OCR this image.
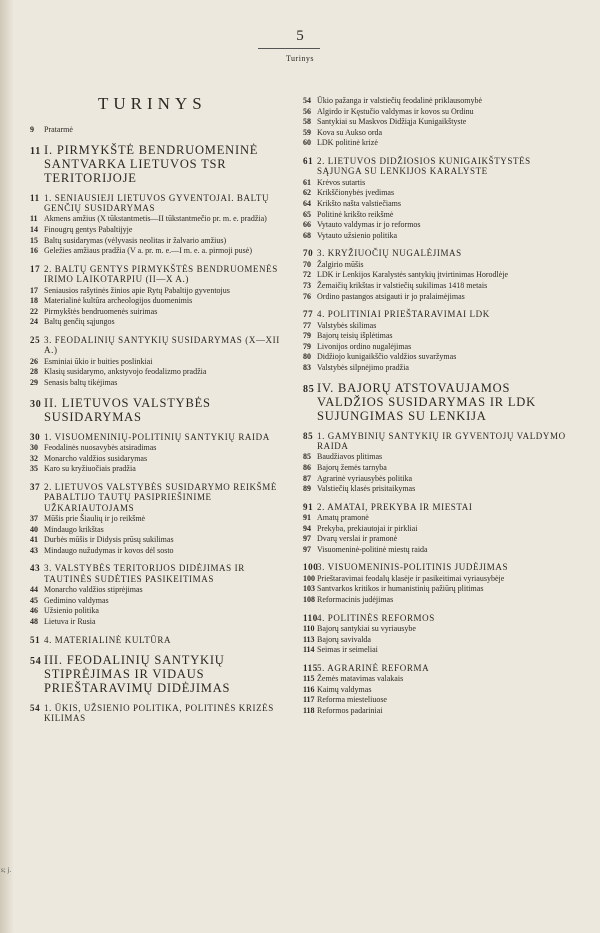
5
Turinys
TURINYS
9 Pratarmė
11 I. PIRMYKŠTĖ BENDRUOMENINĖ SANTVARKA LIETUVOS TSR TERITORIJOJE
11 1. SENIAUSIEJI LIETUVOS GYVENTOJAI. BALTŲ GENČIŲ SUSIDARYMAS
11 Akmens amžius (X tūkstantmetis—II tūkstantmečio pr. m. e. pradžia)
14 Finougrų gentys Pabaltijyje
15 Baltų susidarymas (vėlyvasis neolitas ir žalvario amžius)
16 Geležies amžiaus pradžia (V a. pr. m. e.—I m. e. a. pirmoji pusė)
17 2. BALTŲ GENTYS PIRMYKŠTĖS BENDRUOMENĖS IRIMO LAIKOTARPIU (II—X A.)
17 Seniausios rašytinės žinios apie Rytų Pabaltijo gyventojus
18 Materialinė kultūra archeologijos duomenimis
22 Pirmykštės bendruomenės suirimas
24 Baltų genčių sąjungos
25 3. FEODALINIŲ SANTYKIŲ SUSIDARYMAS (X—XII A.)
26 Esminiai ūkio ir buities poslinkiai
28 Klasių susidarymo, ankstyvojo feodalizmo pradžia
29 Senasis baltų tikėjimas
30 II. LIETUVOS VALSTYBĖS SUSIDARYMAS
30 1. VISUOMENINIŲ-POLITINIŲ SANTYKIŲ RAIDA
30 Feodalinės nuosavybės atsiradimas
32 Monarcho valdžios susidarymas
35 Karo su kryžiuočiais pradžia
37 2. LIETUVOS VALSTYBĖS SUSIDARYMO REIKŠMĖ PABALTIJO TAUTŲ PASIPRIEŠINIME UŽKARIAUTOJAMS
37 Mūšis prie Šiaulių ir jo reikšmė
40 Mindaugo krikštas
41 Durbės mūšis ir Didysis prūsų sukilimas
43 Mindaugo nužudymas ir kovos dėl sosto
43 3. VALSTYBĖS TERITORIJOS DIDĖJIMAS IR TAUTINĖS SUDĖTIES PASIKEITIMAS
44 Monarcho valdžios stiprėjimas
45 Gediminо valdymas
46 Užsienio politika
48 Lietuva ir Rusia
51 4. MATERIALINĖ KULTŪRA
54 III. FEODALINIŲ SANTYKIŲ STIPRĖJIMAS IR VIDAUS PRIEŠTARAVIMŲ DIDĖJIMAS
54 1. ŪKIS, UŽSIENIO POLITIKA, POLITINĖS KRIZĖS KILIMAS
54 Ūkio pažanga ir valstiečių feodalinė priklausomybė
56 Algirdo ir Kęstučio valdymas ir kovos su Ordinu
58 Santykiai su Maskvos Didžiąja Kunigaikštyste
59 Kova su Aukso orda
60 LDK politinė krizė
61 2. LIETUVOS DIDŽIOSIOS KUNIGAIKŠTYSTĖS SĄJUNGA SU LENKIJOS KARALYSTE
61 Krėvos sutartis
62 Krikščionybės įvedimas
64 Krikšto našta valstiečiams
65 Politinė krikšto reikšmė
66 Vytauto valdymas ir jo reformos
68 Vytauto užsienio politika
70 3. KRYŽIUOČIŲ NUGALĖJIMAS
70 Žalgirio mūšis
72 LDK ir Lenkijos Karalystės santykių įtvirtinimas Horodlėje
73 Žemaičių krikštas ir valstiečių sukilimas 1418 metais
76 Ordino pastangos atsigauti ir jo pralaimėjimas
77 4. POLITINIAI PRIEŠTARAVIMAI LDK
77 Valstybės skilimas
79 Bajorų teisių išplėtimas
79 Livonijos ordino nugalėjimas
80 Didžiojo kunigaikščio valdžios suvaržymas
83 Valstybės silpnėjimo pradžia
85 IV. BAJORŲ ATSTOVAUJAMOS VALDŽIOS SUSIDARYMAS IR LDK SUJUNGIMAS SU LENKIJA
85 1. GAMYBINIŲ SANTYKIŲ IR GYVENTOJŲ VALDYMO RAIDA
85 Baudžiavos plitimas
86 Bajorų žemės tarnyba
87 Agrarinė vyriausybės politika
89 Valstiečių klasės prisitaikymas
91 2. AMATAI, PREKYBA IR MIESTAI
91 Amatų pramonė
94 Prekyba, prekiautojai ir pirkliai
97 Dvarų verslai ir pramonė
97 Visuomeninė-politinė miestų raida
100
3. VISUOMENINIS-POLITINIS JUDĖJIMAS
100 Prieštaravimai feodalų klasėje ir pasikeitimai vyriausybėje
103 Santvarkos kritikos ir humanistinių pažiūrų plitimas
108 Reformacinis judėjimas
110 4. POLITINĖS REFORMOS
110 Bajorų santykiai su vyriausybe
113 Bajorų savivalda
114 Seimas ir seimeliai
115 5. AGRARINĖ REFORMA
115 Žemės matavimas valakais
116 Kaimų valdymas
117 Reforma miesteliuose
118 Reformos padariniai
s; j.
